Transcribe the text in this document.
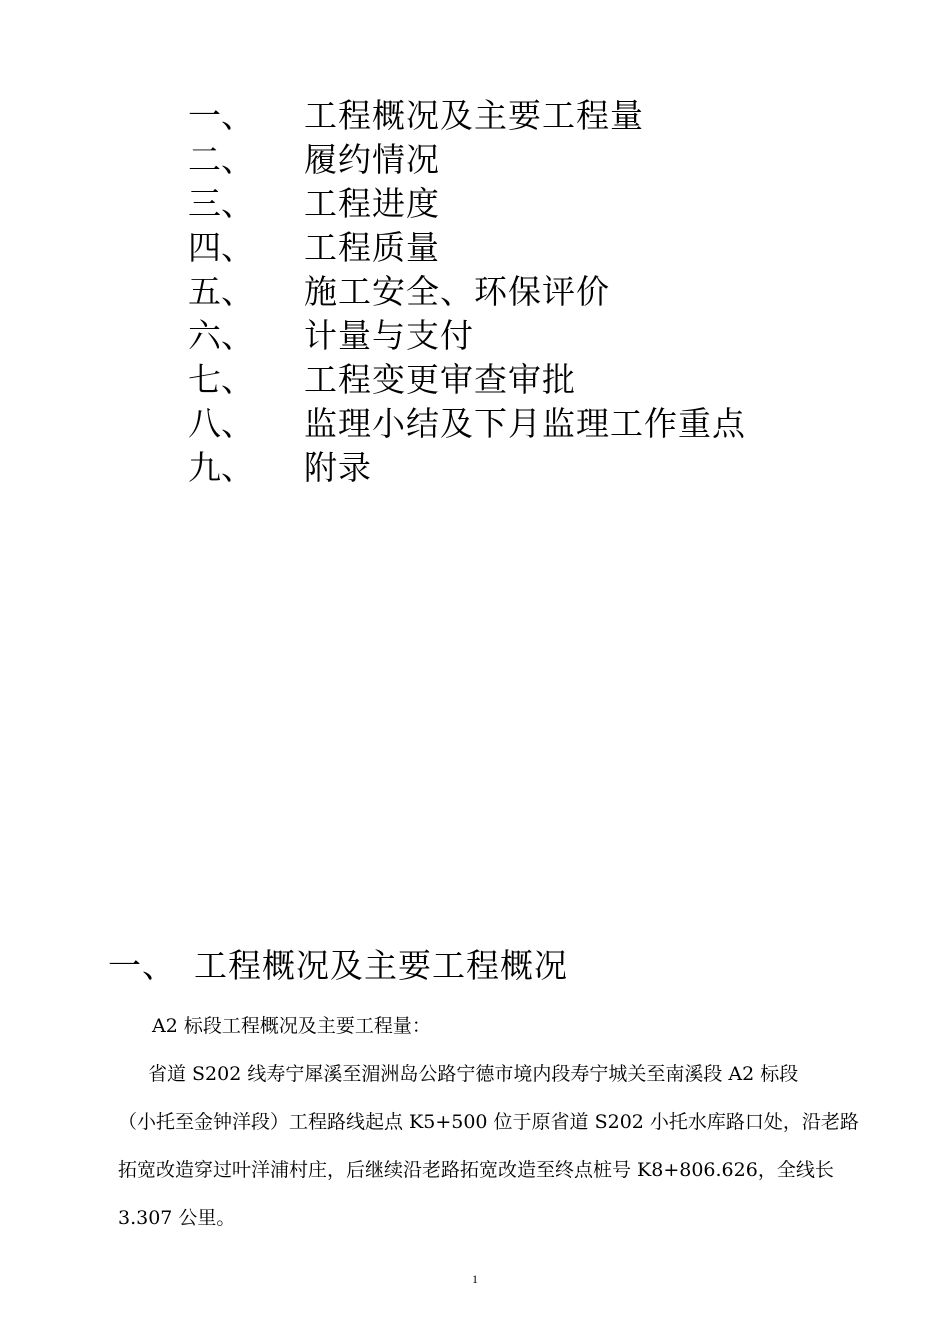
一、 工程概况及主要工程量
二、 履约情况
三、 工程进度
四、 工程质量
五、 施工安全、环保评价
六、 计量与支付
七、 工程变更审查审批
八、 监理小结及下月监理工作重点
九、 附录
一、 工程概况及主要工程概况
A2 标段工程概况及主要工程量：
省道 S202 线寿宁犀溪至湄洲岛公路宁德市境内段寿宁城关至南溪段 A2 标段
（小托至金钟洋段）工程路线起点 K5+500 位于原省道 S202 小托水库路口处，沿老路
拓宽改造穿过叶洋浦村庄，后继续沿老路拓宽改造至终点桩号 K8+806.626，全线长
3.307 公里。
1
